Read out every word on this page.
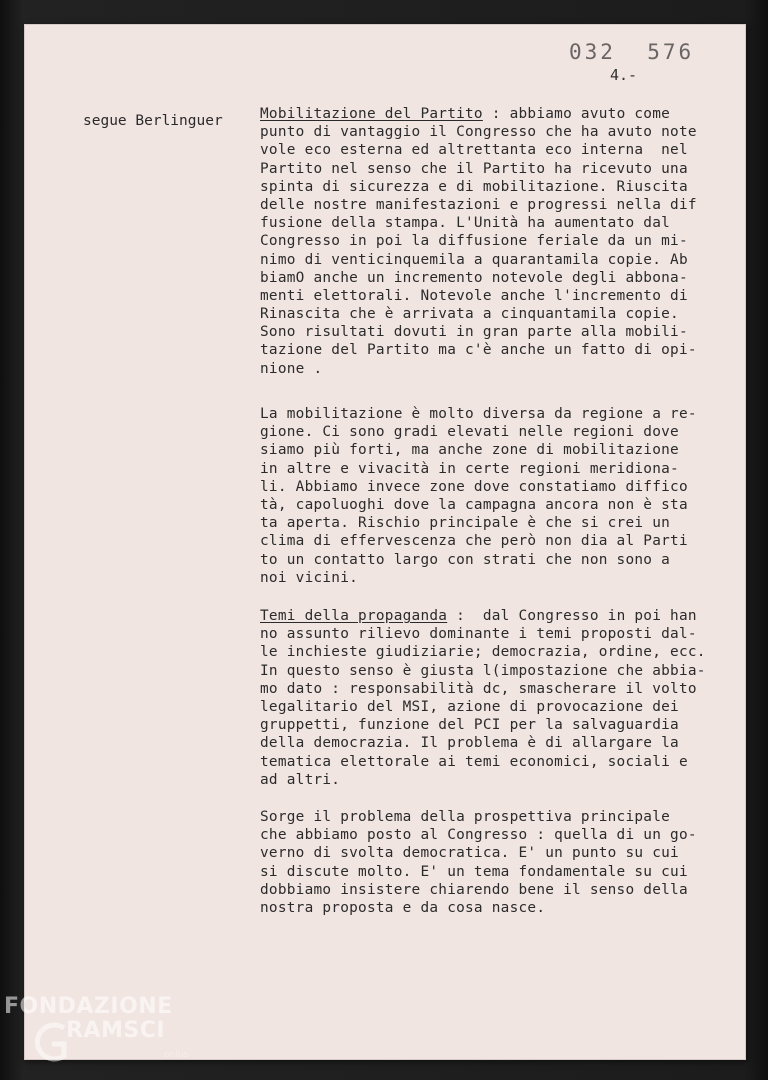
032  576
4.-
segue Berlinguer	Mobilitazione del Partito : abbiamo avuto come
punto di vantaggio il Congresso che ha avuto note
vole eco esterna ed altrettanta eco interna  nel
Partito nel senso che il Partito ha ricevuto una
spinta di sicurezza e di mobilitazione. Riuscita
delle nostre manifestazioni e progressi nella dif
fusione della stampa. L'Unità ha aumentato dal
Congresso in poi la diffusione feriale da un mi-
nimo di venticinquemila a quarantamila copie. Ab
biamO anche un incremento notevole degli abbona-
menti elettorali. Notevole anche l'incremento di
Rinascita che è arrivata a cinquantamila copie.
Sono risultati dovuti in gran parte alla mobili-
tazione del Partito ma c'è anche un fatto di opi-
nione .
La mobilitazione è molto diversa da regione a re-
gione. Ci sono gradi elevati nelle regioni dove
siamo più forti, ma anche zone di mobilitazione
in altre e vivacità in certe regioni meridiona-
li. Abbiamo invece zone dove constatiamo diffico
tà, capoluoghi dove la campagna ancora non è sta
ta aperta. Rischio principale è che si crei un
clima di effervescenza che però non dia al Parti
to un contatto largo con strati che non sono a
noi vicini.
Temi della propaganda :  dal Congresso in poi han
no assunto rilievo dominante i temi proposti dal-
le inchieste giudiziarie; democrazia, ordine, ecc.
In questo senso è giusta l(impostazione che abbia-
mo dato : responsabilità dc, smascherare il volto
legalitario del MSI, azione di provocazione dei
gruppetti, funzione del PCI per la salvaguardia
della democrazia. Il problema è di allargare la
tematica elettorale ai temi economici, sociali e
ad altri.
Sorge il problema della prospettiva principale
che abbiamo posto al Congresso : quella di un go-
verno di svolta democratica. E' un punto su cui
si discute molto. E' un tema fondamentale su cui
dobbiamo insistere chiarendo bene il senso della
nostra proposta e da cosa nasce.
FONDAZIONE
RAMSCI
onlus
